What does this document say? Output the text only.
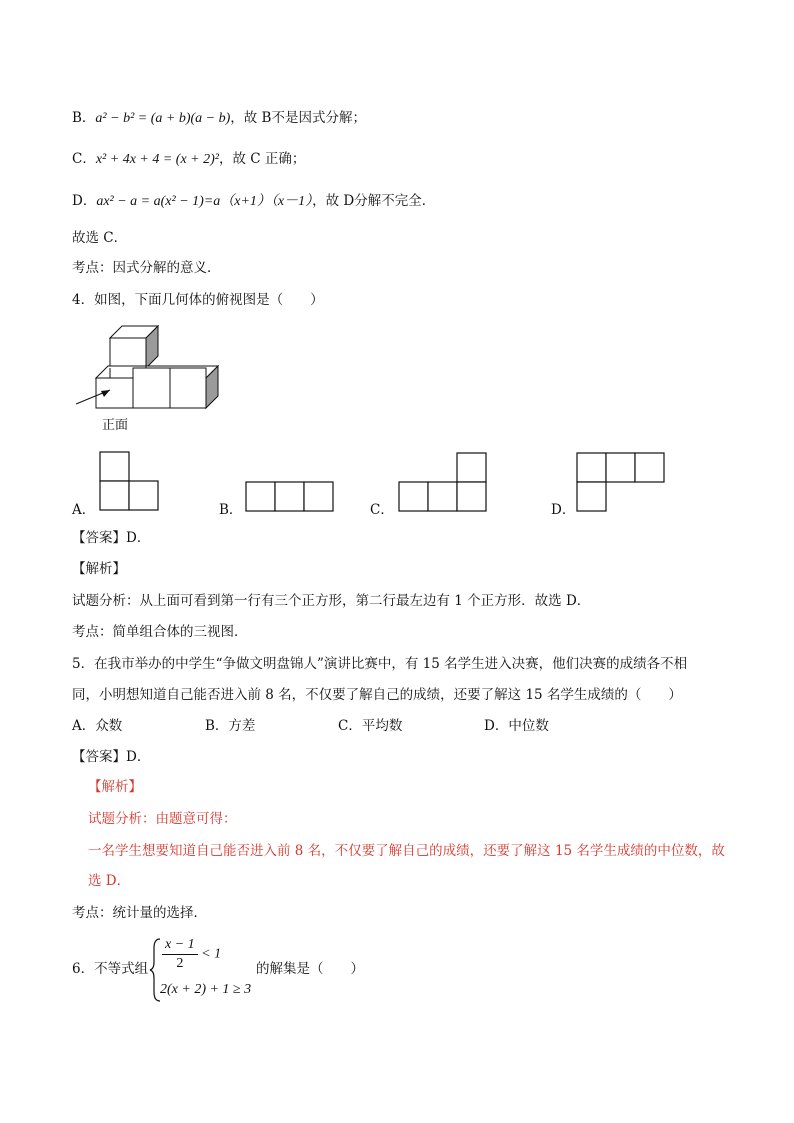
B．a² − b² = (a + b)(a − b)，故 B不是因式分解；
C．x² + 4x + 4 = (x + 2)²，故 C 正确；
D．ax² − a = a(x² − 1)=a（x+1）（x－1），故 D分解不完全．
故选 C．
考点：因式分解的意义．
4．如图，下面几何体的俯视图是（　　）
正面
A．	B．	C．	D．
【答案】D．
【解析】
试题分析：从上面可看到第一行有三个正方形，第二行最左边有 1 个正方形．故选 D．
考点：简单组合体的三视图．
5．在我市举办的中学生“争做文明盘锦人”演讲比赛中，有 15 名学生进入决赛，他们决赛的成绩各不相
同，小明想知道自己能否进入前 8 名，不仅要了解自己的成绩，还要了解这 15 名学生成绩的（　　）
A．众数	B．方差	C．平均数	D．中位数
【答案】D．
【解析】
试题分析：由题意可得：
一名学生想要知道自己能否进入前 8 名，不仅要了解自己的成绩，还要了解这 15 名学生成绩的中位数，故
选 D．
考点：统计量的选择．
6．不等式组 $\frac{x - 1}{2} < 1$
2(x + 2) + 1 ≥ 3
的解集是（　　）
